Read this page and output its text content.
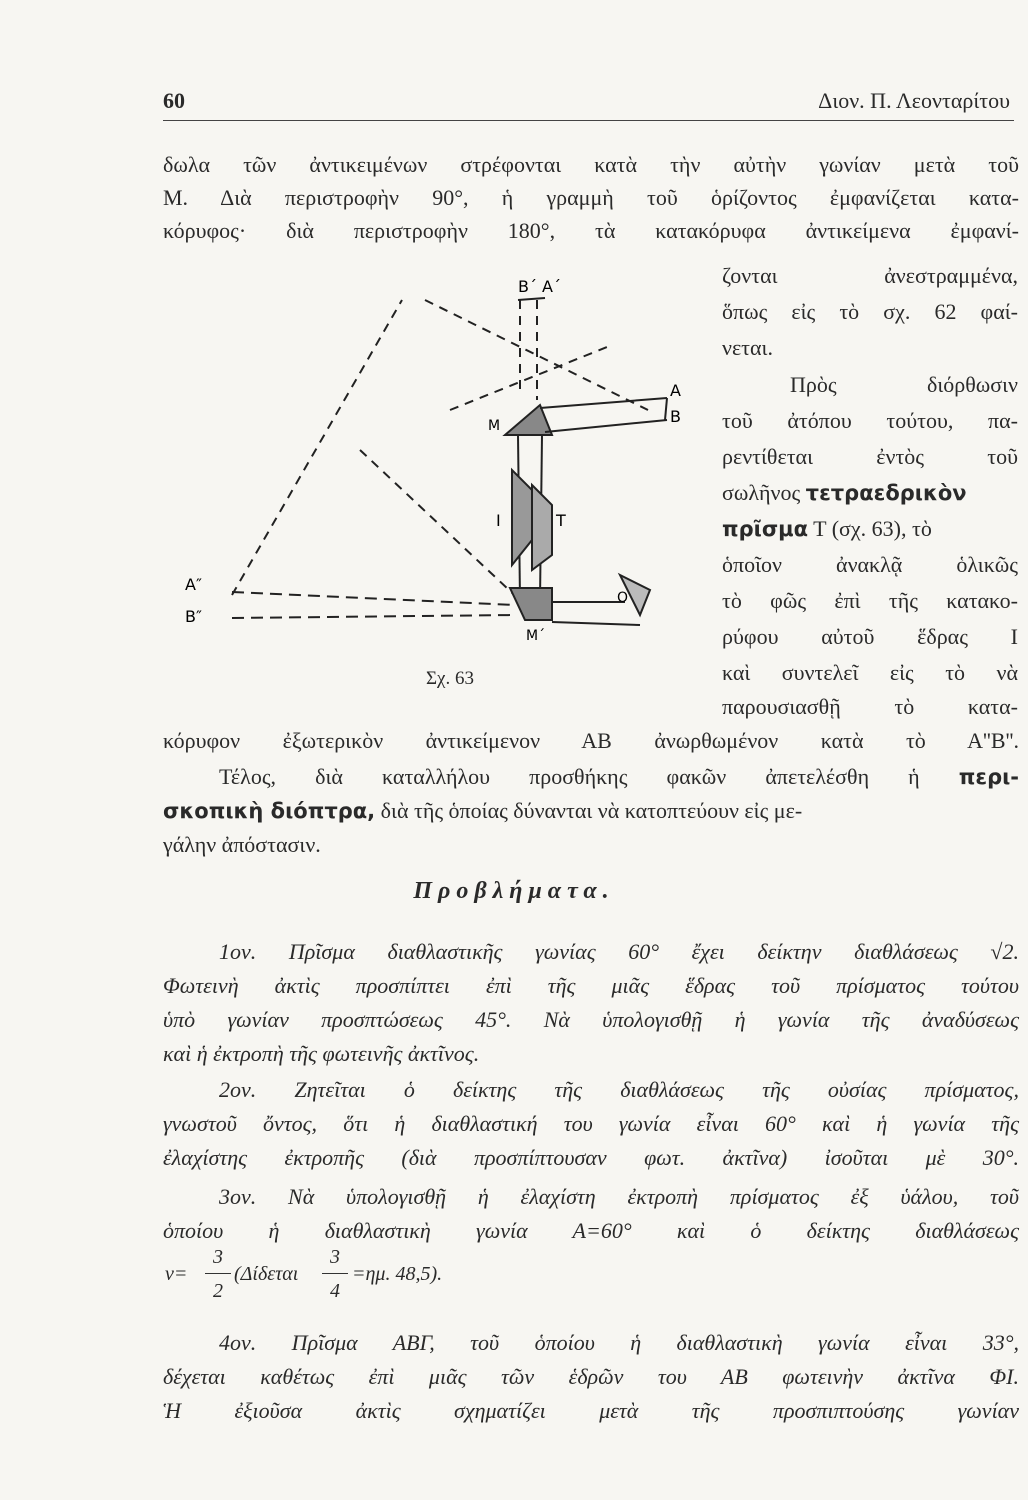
60	Διον. Π. Λεονταρίτου
δωλα τῶν ἀντικειμένων στρέφονται κατὰ τὴν αὐτὴν γωνίαν μετὰ τοῦ
Μ. Διὰ περιστροφὴν 90°, ἡ γραμμὴ τοῦ ὁρίζοντος ἐμφανίζεται κατα-
κόρυφος· διὰ περιστροφὴν 180°, τὰ κατακόρυφα ἀντικείμενα ἐμφανί-
ζονται ἀνεστραμμένα,
ὅπως εἰς τὸ σχ. 62 φαί-
νεται.
Πρὸς διόρθωσιν
τοῦ ἀτόπου τούτου, πα-
ρεντίθεται ἐντὸς τοῦ
σωλῆνος τετραεδρικὸν
πρῖσμα Τ (σχ. 63), τὸ
ὁποῖον ἀνακλᾷ ὁλικῶς
τὸ φῶς ἐπὶ τῆς κατακο-
ρύφου αὐτοῦ ἕδρας Ι
καὶ συντελεῖ εἰς τὸ νὰ
παρουσιασθῇ τὸ κατα-
κόρυφον ἐξωτερικὸν ἀντικείμενον ΑΒ ἀνωρθωμένον κατὰ τὸ Α''Β''.
B΄ A΄
A
B
M
I	T
M΄
O
A″
B″
Σχ. 63
Τέλος, διὰ καταλλήλου προσθήκης φακῶν ἀπετελέσθη ἡ περι-
σκοπικὴ διόπτρα, διὰ τῆς ὁποίας δύνανται νὰ κατοπτεύουν εἰς με-
γάλην ἀπόστασιν.
Προβλήματα.
1ον. Πρῖσμα διαθλαστικῆς γωνίας 60° ἔχει δείκτην διαθλάσεως √2.
Φωτεινὴ ἀκτὶς προσπίπτει ἐπὶ τῆς μιᾶς ἕδρας τοῦ πρίσματος τούτου
ὑπὸ γωνίαν προσπτώσεως 45°. Νὰ ὑπολογισθῇ ἡ γωνία τῆς ἀναδύσεως
καὶ ἡ ἐκτροπὴ τῆς φωτεινῆς ἀκτῖνος.
2ον. Ζητεῖται ὁ δείκτης τῆς διαθλάσεως τῆς οὐσίας πρίσματος,
γνωστοῦ ὄντος, ὅτι ἡ διαθλαστική του γωνία εἶναι 60° καὶ ἡ γωνία τῆς
ἐλαχίστης ἐκτροπῆς (διὰ προσπίπτουσαν φωτ. ἀκτῖνα) ἰσοῦται μὲ 30°.
3ον. Νὰ ὑπολογισθῇ ἡ ἐλαχίστη ἐκτροπὴ πρίσματος ἐξ ὑάλου, τοῦ
ὁποίου ἡ διαθλαστικὴ γωνία Α=60° καὶ ὁ δείκτης διαθλάσεως
3
2
ν= (Δίδεται
3
4
=ημ. 48,5).
4ον. Πρῖσμα ΑΒΓ, τοῦ ὁποίου ἡ διαθλαστικὴ γωνία εἶναι 33°,
δέχεται καθέτως ἐπὶ μιᾶς τῶν ἑδρῶν του ΑΒ φωτεινὴν ἀκτῖνα ΦΙ.
Ἡ ἐξιοῦσα ἀκτὶς σχηματίζει μετὰ τῆς προσπιπτούσης γωνίαν
